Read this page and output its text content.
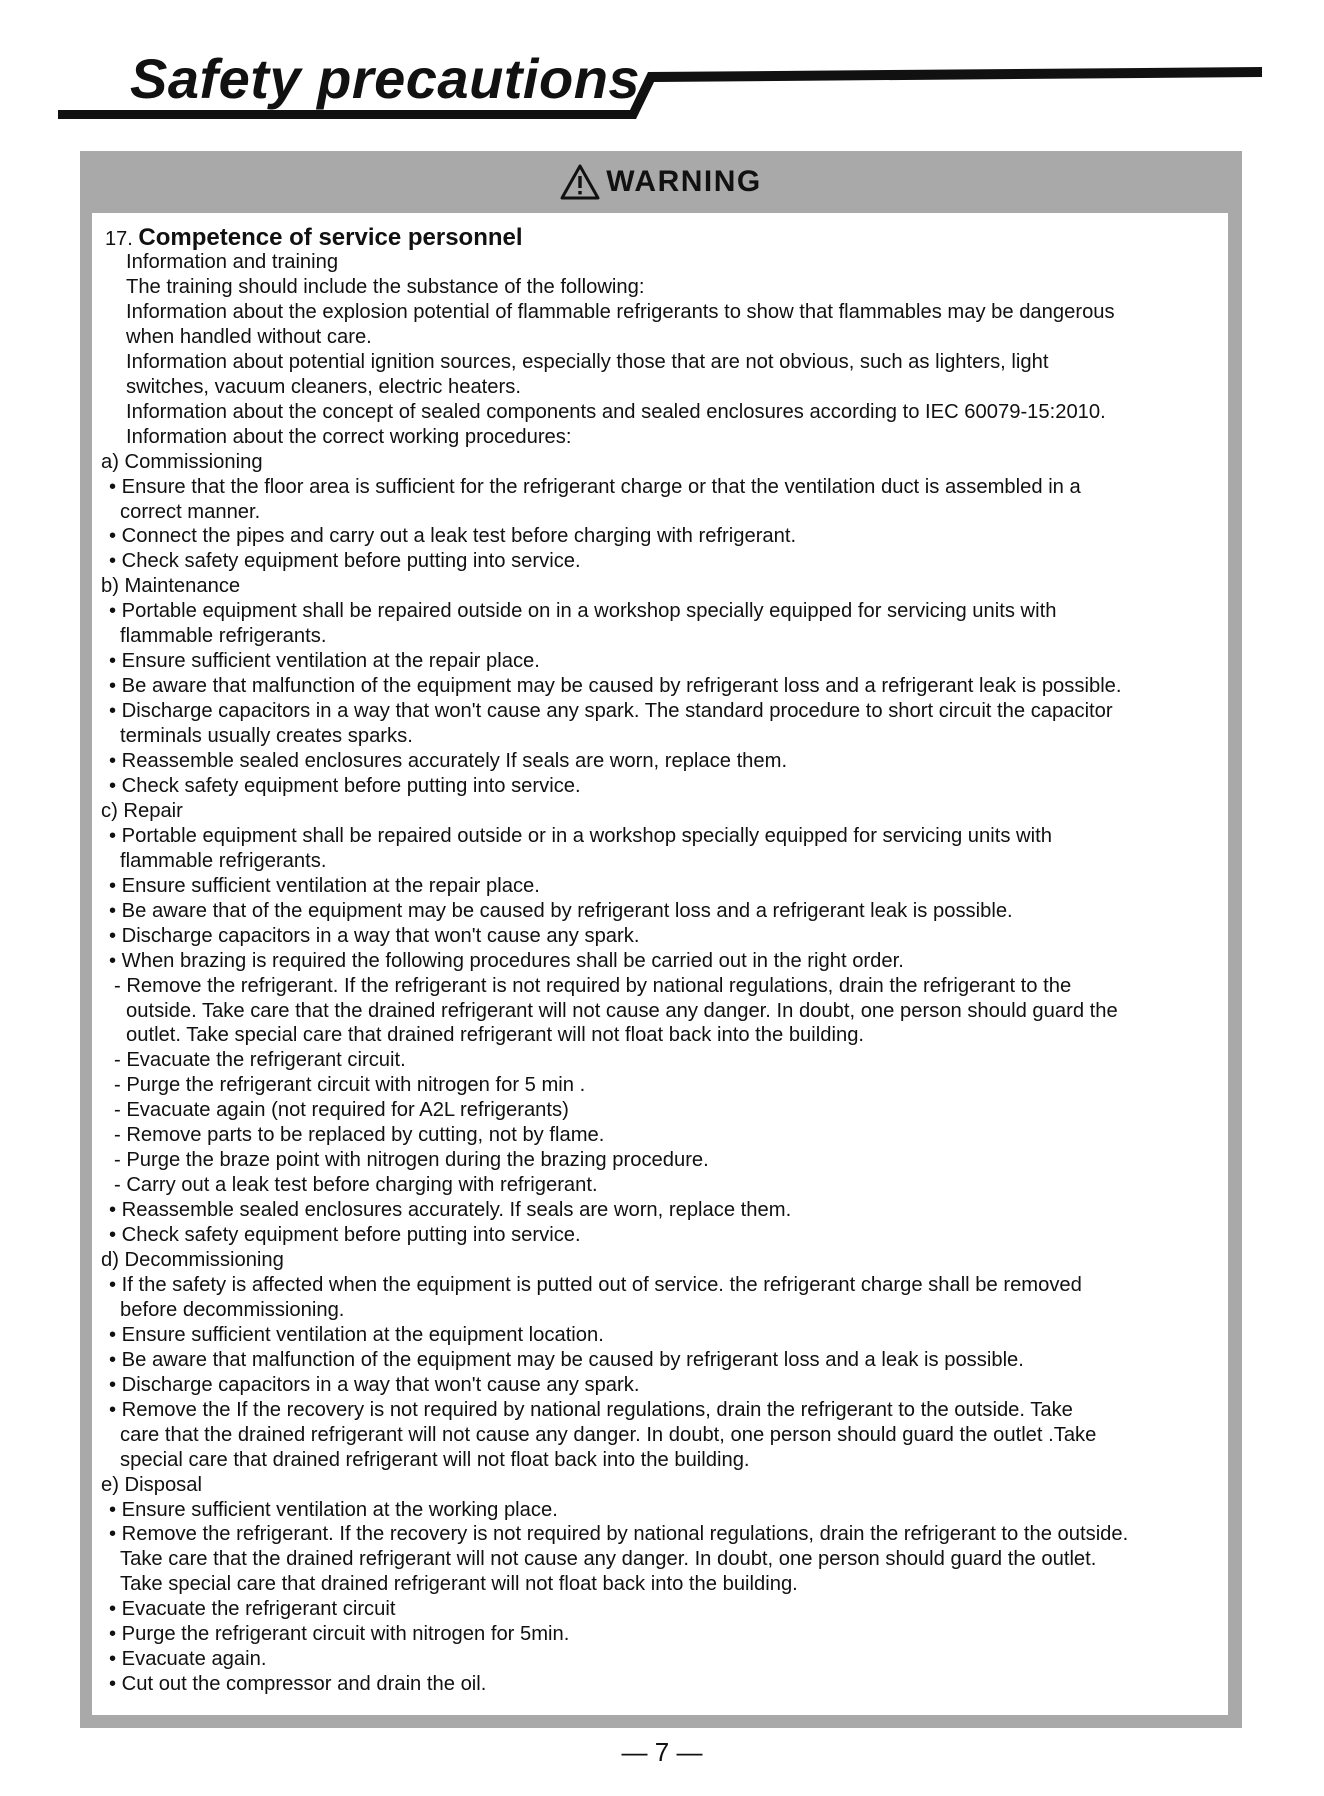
Safety precautions
WARNING
17. Competence of service personnel
Information and training
The training should include the substance of the following:
Information about the explosion potential of flammable refrigerants to show that flammables may be dangerous
when handled without care.
Information about potential ignition sources, especially those that are not obvious, such as lighters, light
switches, vacuum cleaners, electric heaters.
Information about the concept of sealed components and sealed enclosures according to IEC 60079-15:2010.
Information about the correct working procedures:
a) Commissioning
• Ensure that the floor area is sufficient for the refrigerant charge or that the ventilation duct is assembled in a
correct manner.
• Connect the pipes and carry out a leak test before charging with refrigerant.
• Check safety equipment before putting into service.
b) Maintenance
• Portable equipment shall be repaired outside on in a workshop specially equipped for servicing units with
flammable refrigerants.
• Ensure sufficient ventilation at the repair place.
• Be aware that malfunction of the equipment may be caused by refrigerant loss and a refrigerant leak is possible.
• Discharge capacitors in a way that won't cause any spark. The standard procedure to short circuit the capacitor
terminals usually creates sparks.
• Reassemble sealed enclosures accurately If seals are worn, replace them.
• Check safety equipment before putting into service.
c) Repair
• Portable equipment shall be repaired outside or in a workshop specially equipped for servicing units with
flammable refrigerants.
• Ensure sufficient ventilation at the repair place.
• Be aware that of the equipment may be caused by refrigerant loss and a refrigerant leak is possible.
• Discharge capacitors in a way that won't cause any spark.
• When brazing is required the following procedures shall be carried out in the right order.
- Remove the refrigerant. If the refrigerant is not required by national regulations, drain the refrigerant to the
outside. Take care that the drained refrigerant will not cause any danger. In doubt, one person should guard the
outlet. Take special care that drained refrigerant will not float back into the building.
- Evacuate the refrigerant circuit.
- Purge the refrigerant circuit with nitrogen for 5 min .
- Evacuate again (not required for A2L refrigerants)
- Remove parts to be replaced by cutting, not by flame.
- Purge the braze point with nitrogen during the brazing procedure.
- Carry out a leak test before charging with refrigerant.
• Reassemble sealed enclosures accurately. If seals are worn, replace them.
• Check safety equipment before putting into service.
d) Decommissioning
• If the safety is affected when the equipment is putted out of service. the refrigerant charge shall be removed
before decommissioning.
• Ensure sufficient ventilation at the equipment location.
• Be aware that malfunction of the equipment may be caused by refrigerant loss and a leak is possible.
• Discharge capacitors in a way that won't cause any spark.
• Remove the If the recovery is not required by national regulations, drain the refrigerant to the outside. Take
care that the drained refrigerant will not cause any danger. In doubt, one person should guard the outlet .Take
special care that drained refrigerant will not float back into the building.
e) Disposal
• Ensure sufficient ventilation at the working place.
• Remove the refrigerant. If the recovery is not required by national regulations, drain the refrigerant to the outside.
Take care that the drained refrigerant will not cause any danger. In doubt, one person should guard the outlet.
Take special care that drained refrigerant will not float back into the building.
• Evacuate the refrigerant circuit
• Purge the refrigerant circuit with nitrogen for 5min.
• Evacuate again.
• Cut out the compressor and drain the oil.
— 7 —
